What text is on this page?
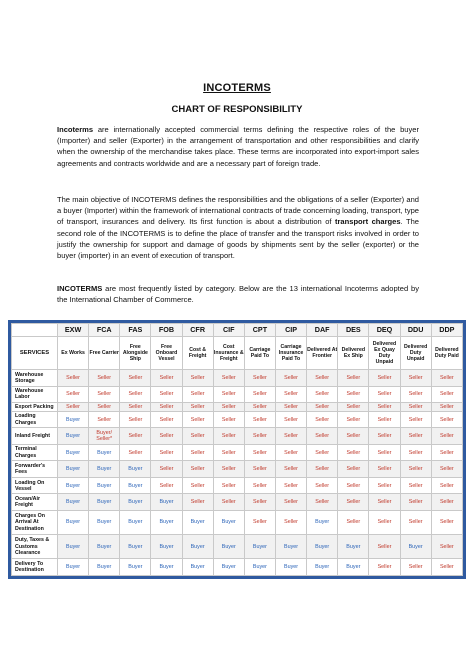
INCOTERMS
CHART OF RESPONSIBILITY

Incoterms are internationally accepted commercial terms defining the respective roles of the buyer (Importer) and seller (Exporter) in the arrangement of transportation and other responsibilities and clarify when the ownership of the merchandise takes place. These terms are incorporated into export-import sales agreements and contracts worldwide and are a necessary part of foreign trade.

The main objective of INCOTERMS defines the responsibilities and the obligations of a seller (Exporter) and a buyer (Importer) within the framework of international contracts of trade concerning loading, transport, type of transport, insurances and delivery. Its first function is about a distribution of transport charges. The second role of the INCOTERMS is to define the place of transfer and the transport risks involved in order to justify the ownership for support and damage of goods by shipments sent by the seller (exporter) or the buyer (importer) in an event of execution of transport.

INCOTERMS are most frequently listed by category. Below are the 13 international Incoterms adopted by the International Chamber of Commerce.

	EXW	FCA	FAS	FOB	CFR	CIF	CPT	CIP	DAF	DES	DEQ	DDU	DDP
SERVICES	Ex Works	Free Carrier	Free Alongside Ship	Free Onboard Vessel	Cost & Freight	Cost Insurance & Freight	Carriage Paid To	Carriage Insurance Paid To	Delivered At Frontier	Delivered Ex Ship	Delivered Ex Quay Duty Unpaid	Delivered Duty Unpaid	Delivered Duty Paid
Warehouse Storage	Seller	Seller	Seller	Seller	Seller	Seller	Seller	Seller	Seller	Seller	Seller	Seller	Seller
Warehouse Labor	Seller	Seller	Seller	Seller	Seller	Seller	Seller	Seller	Seller	Seller	Seller	Seller	Seller
Export Packing	Seller	Seller	Seller	Seller	Seller	Seller	Seller	Seller	Seller	Seller	Seller	Seller	Seller
Loading Charges	Buyer	Seller	Seller	Seller	Seller	Seller	Seller	Seller	Seller	Seller	Seller	Seller	Seller
Inland Freight	Buyer	Buyer/ Seller*	Seller	Seller	Seller	Seller	Seller	Seller	Seller	Seller	Seller	Seller	Seller
Terminal Charges	Buyer	Buyer	Seller	Seller	Seller	Seller	Seller	Seller	Seller	Seller	Seller	Seller	Seller
Forwarder's Fees	Buyer	Buyer	Buyer	Seller	Seller	Seller	Seller	Seller	Seller	Seller	Seller	Seller	Seller
Loading On Vessel	Buyer	Buyer	Buyer	Seller	Seller	Seller	Seller	Seller	Seller	Seller	Seller	Seller	Seller
Ocean/Air Freight	Buyer	Buyer	Buyer	Buyer	Seller	Seller	Seller	Seller	Seller	Seller	Seller	Seller	Seller
Charges On Arrival At Destination	Buyer	Buyer	Buyer	Buyer	Buyer	Buyer	Seller	Seller	Buyer	Seller	Seller	Seller	Seller
Duty, Taxes & Customs Clearance	Buyer	Buyer	Buyer	Buyer	Buyer	Buyer	Buyer	Buyer	Buyer	Buyer	Seller	Buyer	Seller
Delivery To Destination	Buyer	Buyer	Buyer	Buyer	Buyer	Buyer	Buyer	Buyer	Buyer	Buyer	Seller	Seller	Seller
